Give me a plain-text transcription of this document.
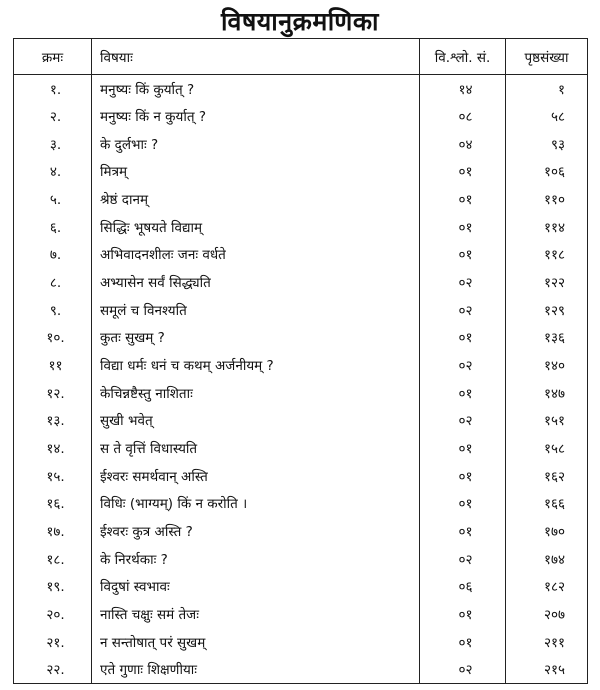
विषयानुक्रमणिका
क्रमः	विषयाः	वि.श्लो. सं.	पृष्ठसंख्या
१.	मनुष्यः किं कुर्यात् ?	१४	१
२.	मनुष्यः किं न कुर्यात् ?	०८	५८
३.	के दुर्लभाः ?	०४	९३
४.	मित्रम्	०१	१०६
५.	श्रेष्ठं दानम्	०१	११०
६.	सिद्धिः भूषयते विद्याम्	०१	११४
७.	अभिवादनशीलः जनः वर्धते	०१	११८
८.	अभ्यासेन सर्वं सिद्ध्यति	०२	१२२
९.	समूलं च विनश्यति	०२	१२९
१०.	कुतः सुखम् ?	०१	१३६
११	विद्या धर्मः धनं च कथम् अर्जनीयम् ?	०२	१४०
१२.	केचिन्नष्टैस्तु नाशिताः	०१	१४७
१३.	सुखी भवेत्	०२	१५१
१४.	स ते वृत्तिं विधास्यति	०१	१५८
१५.	ईश्वरः समर्थवान् अस्ति	०१	१६२
१६.	विधिः (भाग्यम्) किं न करोति ।	०१	१६६
१७.	ईश्वरः कुत्र अस्ति ?	०१	१७०
१८.	के निरर्थकाः ?	०२	१७४
१९.	विदुषां स्वभावः	०६	१८२
२०.	नास्ति चक्षुः समं तेजः	०१	२०७
२१.	न सन्तोषात् परं सुखम्	०१	२११
२२.	एते गुणाः शिक्षणीयाः	०२	२१५
